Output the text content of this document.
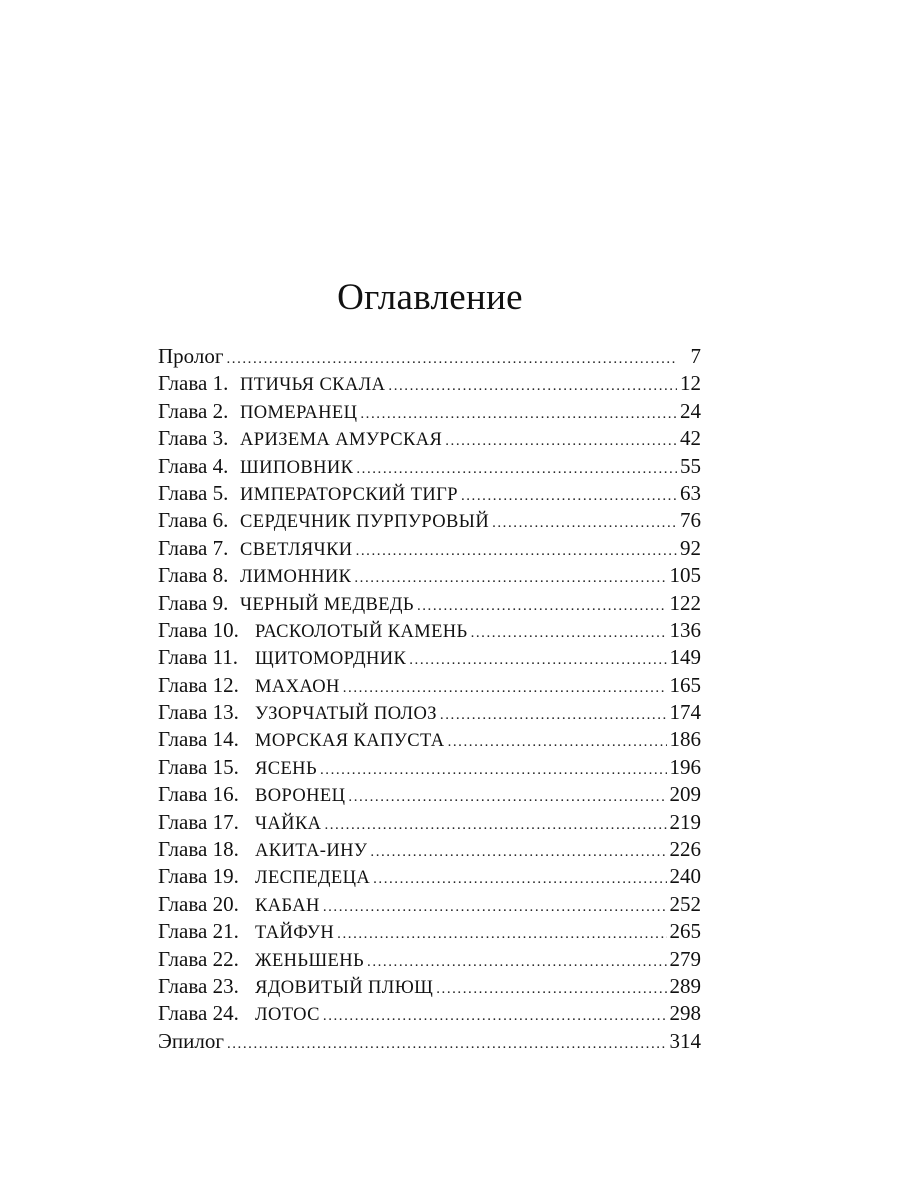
Оглавление
Пролог . . .	7
Глава 1. ПТИЧЬЯ СКАЛА . . .	12
Глава 2. ПОМЕРАНЕЦ . . .	24
Глава 3. АРИЗЕМА АМУРСКАЯ . . .	42
Глава 4. ШИПОВНИК . . .	55
Глава 5. ИМПЕРАТОРСКИЙ ТИГР . . .	63
Глава 6. СЕРДЕЧНИК ПУРПУРОВЫЙ . . .	76
Глава 7. СВЕТЛЯЧКИ . . .	92
Глава 8. ЛИМОННИК . . .	105
Глава 9. ЧЕРНЫЙ МЕДВЕДЬ . . .	122
Глава 10. РАСКОЛОТЫЙ КАМЕНЬ . . .	136
Глава 11. ЩИТОМОРДНИК . . .	149
Глава 12. МАХАОН . . .	165
Глава 13. УЗОРЧАТЫЙ ПОЛОЗ . . .	174
Глава 14. МОРСКАЯ КАПУСТА . . .	186
Глава 15. ЯСЕНЬ . . .	196
Глава 16. ВОРОНЕЦ . . .	209
Глава 17. ЧАЙКА . . .	219
Глава 18. АКИТА-ИНУ . . .	226
Глава 19. ЛЕСПЕДЕЦА . . .	240
Глава 20. КАБАН . . .	252
Глава 21. ТАЙФУН . . .	265
Глава 22. ЖЕНЬШЕНЬ . . .	279
Глава 23. ЯДОВИТЫЙ ПЛЮЩ . . .	289
Глава 24. ЛОТОС . . .	298
Эпилог . . .	314
